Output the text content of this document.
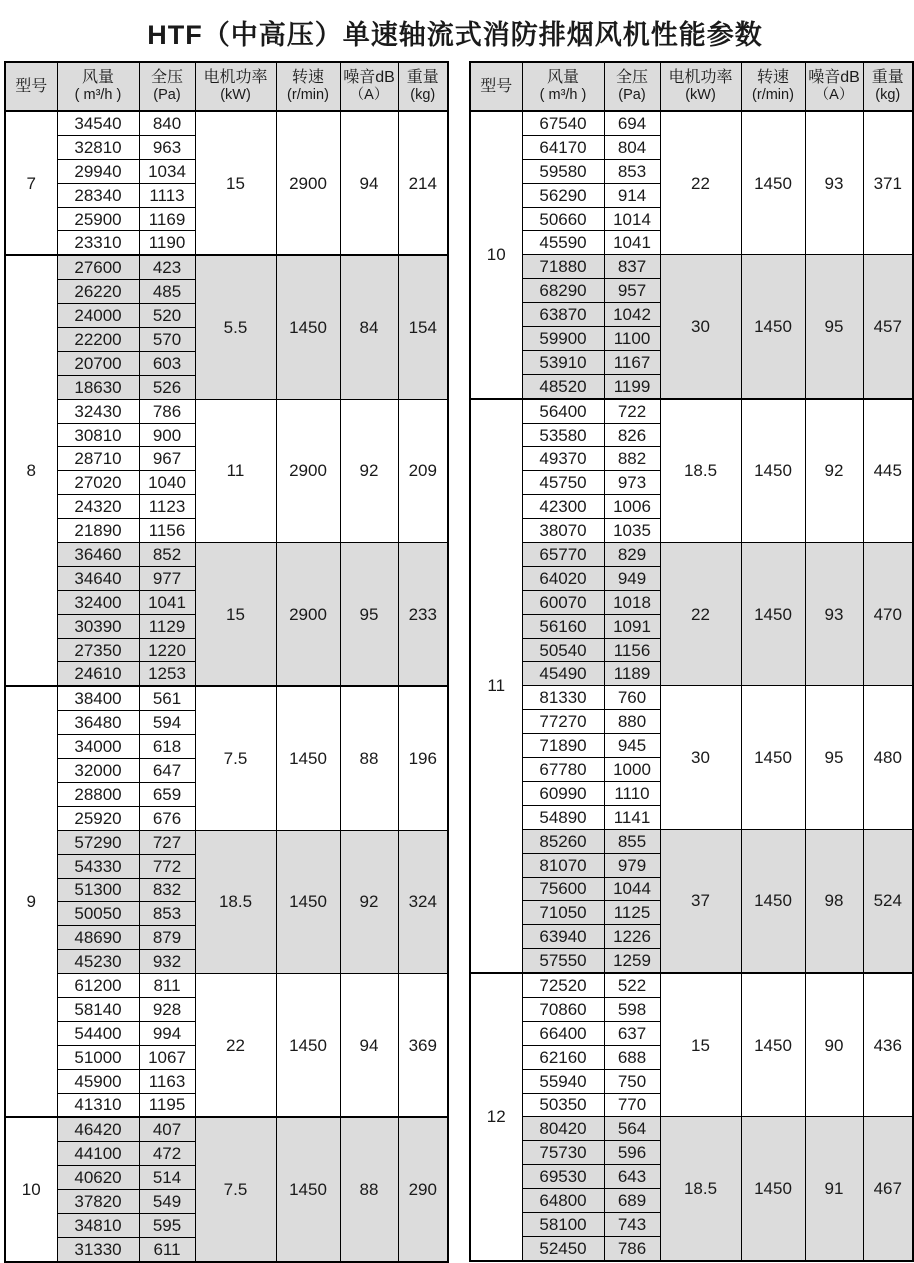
HTF（中高压）单速轴流式消防排烟风机性能参数
型号

风量
( m³/h )

全压
(Pa)

电机功率
(kW)

转速
(r/min)

噪音dB
（A）

重量
(kg)

7	34540	840	15	2900	94	214
	32810	963				
	29940	1034				
	28340	1113				
	25900	1169				
	23310	1190				
8	27600	423	5.5	1450	84	154
	26220	485				
	24000	520				
	22200	570				
	20700	603				
	18630	526				
	32430	786	11	2900	92	209
	30810	900				
	28710	967				
	27020	1040				
	24320	1123				
	21890	1156				
	36460	852	15	2900	95	233
	34640	977				
	32400	1041				
	30390	1129				
	27350	1220				
	24610	1253				
9	38400	561	7.5	1450	88	196
	36480	594				
	34000	618				
	32000	647				
	28800	659				
	25920	676				
	57290	727	18.5	1450	92	324
	54330	772				
	51300	832				
	50050	853				
	48690	879				
	45230	932				
	61200	811	22	1450	94	369
	58140	928				
	54400	994				
	51000	1067				
	45900	1163				
	41310	1195				
10	46420	407	7.5	1450	88	290
	44100	472				
	40620	514				
	37820	549				
	34810	595				
	31330	611				
型号

风量
( m³/h )

全压
(Pa)

电机功率
(kW)

转速
(r/min)

噪音dB
（A）

重量
(kg)

10	67540	694	22	1450	93	371
	64170	804				
	59580	853				
	56290	914				
	50660	1014				
	45590	1041				
	71880	837	30	1450	95	457
	68290	957				
	63870	1042				
	59900	1100				
	53910	1167				
	48520	1199				
11	56400	722	18.5	1450	92	445
	53580	826				
	49370	882				
	45750	973				
	42300	1006				
	38070	1035				
	65770	829	22	1450	93	470
	64020	949				
	60070	1018				
	56160	1091				
	50540	1156				
	45490	1189				
	81330	760	30	1450	95	480
	77270	880				
	71890	945				
	67780	1000				
	60990	1110				
	54890	1141				
	85260	855	37	1450	98	524
	81070	979				
	75600	1044				
	71050	1125				
	63940	1226				
	57550	1259				
12	72520	522	15	1450	90	436
	70860	598				
	66400	637				
	62160	688				
	55940	750				
	50350	770				
	80420	564	18.5	1450	91	467
	75730	596				
	69530	643				
	64800	689				
	58100	743				
	52450	786				
